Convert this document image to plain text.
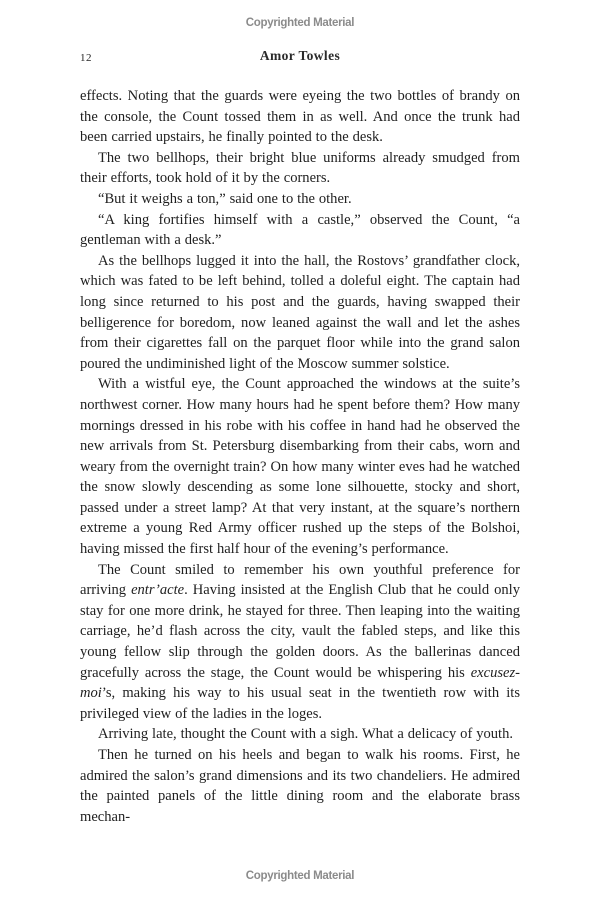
Copyrighted Material
12	Amor Towles

effects. Noting that the guards were eyeing the two bottles of brandy on the console, the Count tossed them in as well. And once the trunk had been carried upstairs, he finally pointed to the desk.

The two bellhops, their bright blue uniforms already smudged from their efforts, took hold of it by the corners.

“But it weighs a ton,” said one to the other.

“A king fortifies himself with a castle,” observed the Count, “a gentleman with a desk.”

As the bellhops lugged it into the hall, the Rostovs’ grandfather clock, which was fated to be left behind, tolled a doleful eight. The captain had long since returned to his post and the guards, having swapped their belligerence for boredom, now leaned against the wall and let the ashes from their cigarettes fall on the parquet floor while into the grand salon poured the undiminished light of the Moscow summer solstice.

With a wistful eye, the Count approached the windows at the suite’s northwest corner. How many hours had he spent before them? How many mornings dressed in his robe with his coffee in hand had he observed the new arrivals from St. Petersburg disembarking from their cabs, worn and weary from the overnight train? On how many winter eves had he watched the snow slowly descending as some lone silhouette, stocky and short, passed under a street lamp? At that very instant, at the square’s northern extreme a young Red Army officer rushed up the steps of the Bolshoi, having missed the first half hour of the evening’s performance.

The Count smiled to remember his own youthful preference for arriving entr’acte. Having insisted at the English Club that he could only stay for one more drink, he stayed for three. Then leaping into the waiting carriage, he’d flash across the city, vault the fabled steps, and like this young fellow slip through the golden doors. As the ballerinas danced gracefully across the stage, the Count would be whispering his excusez-moi’s, making his way to his usual seat in the twentieth row with its privileged view of the ladies in the loges.

Arriving late, thought the Count with a sigh. What a delicacy of youth.

Then he turned on his heels and began to walk his rooms. First, he admired the salon’s grand dimensions and its two chandeliers. He admired the painted panels of the little dining room and the elaborate brass mechan-

Copyrighted Material
